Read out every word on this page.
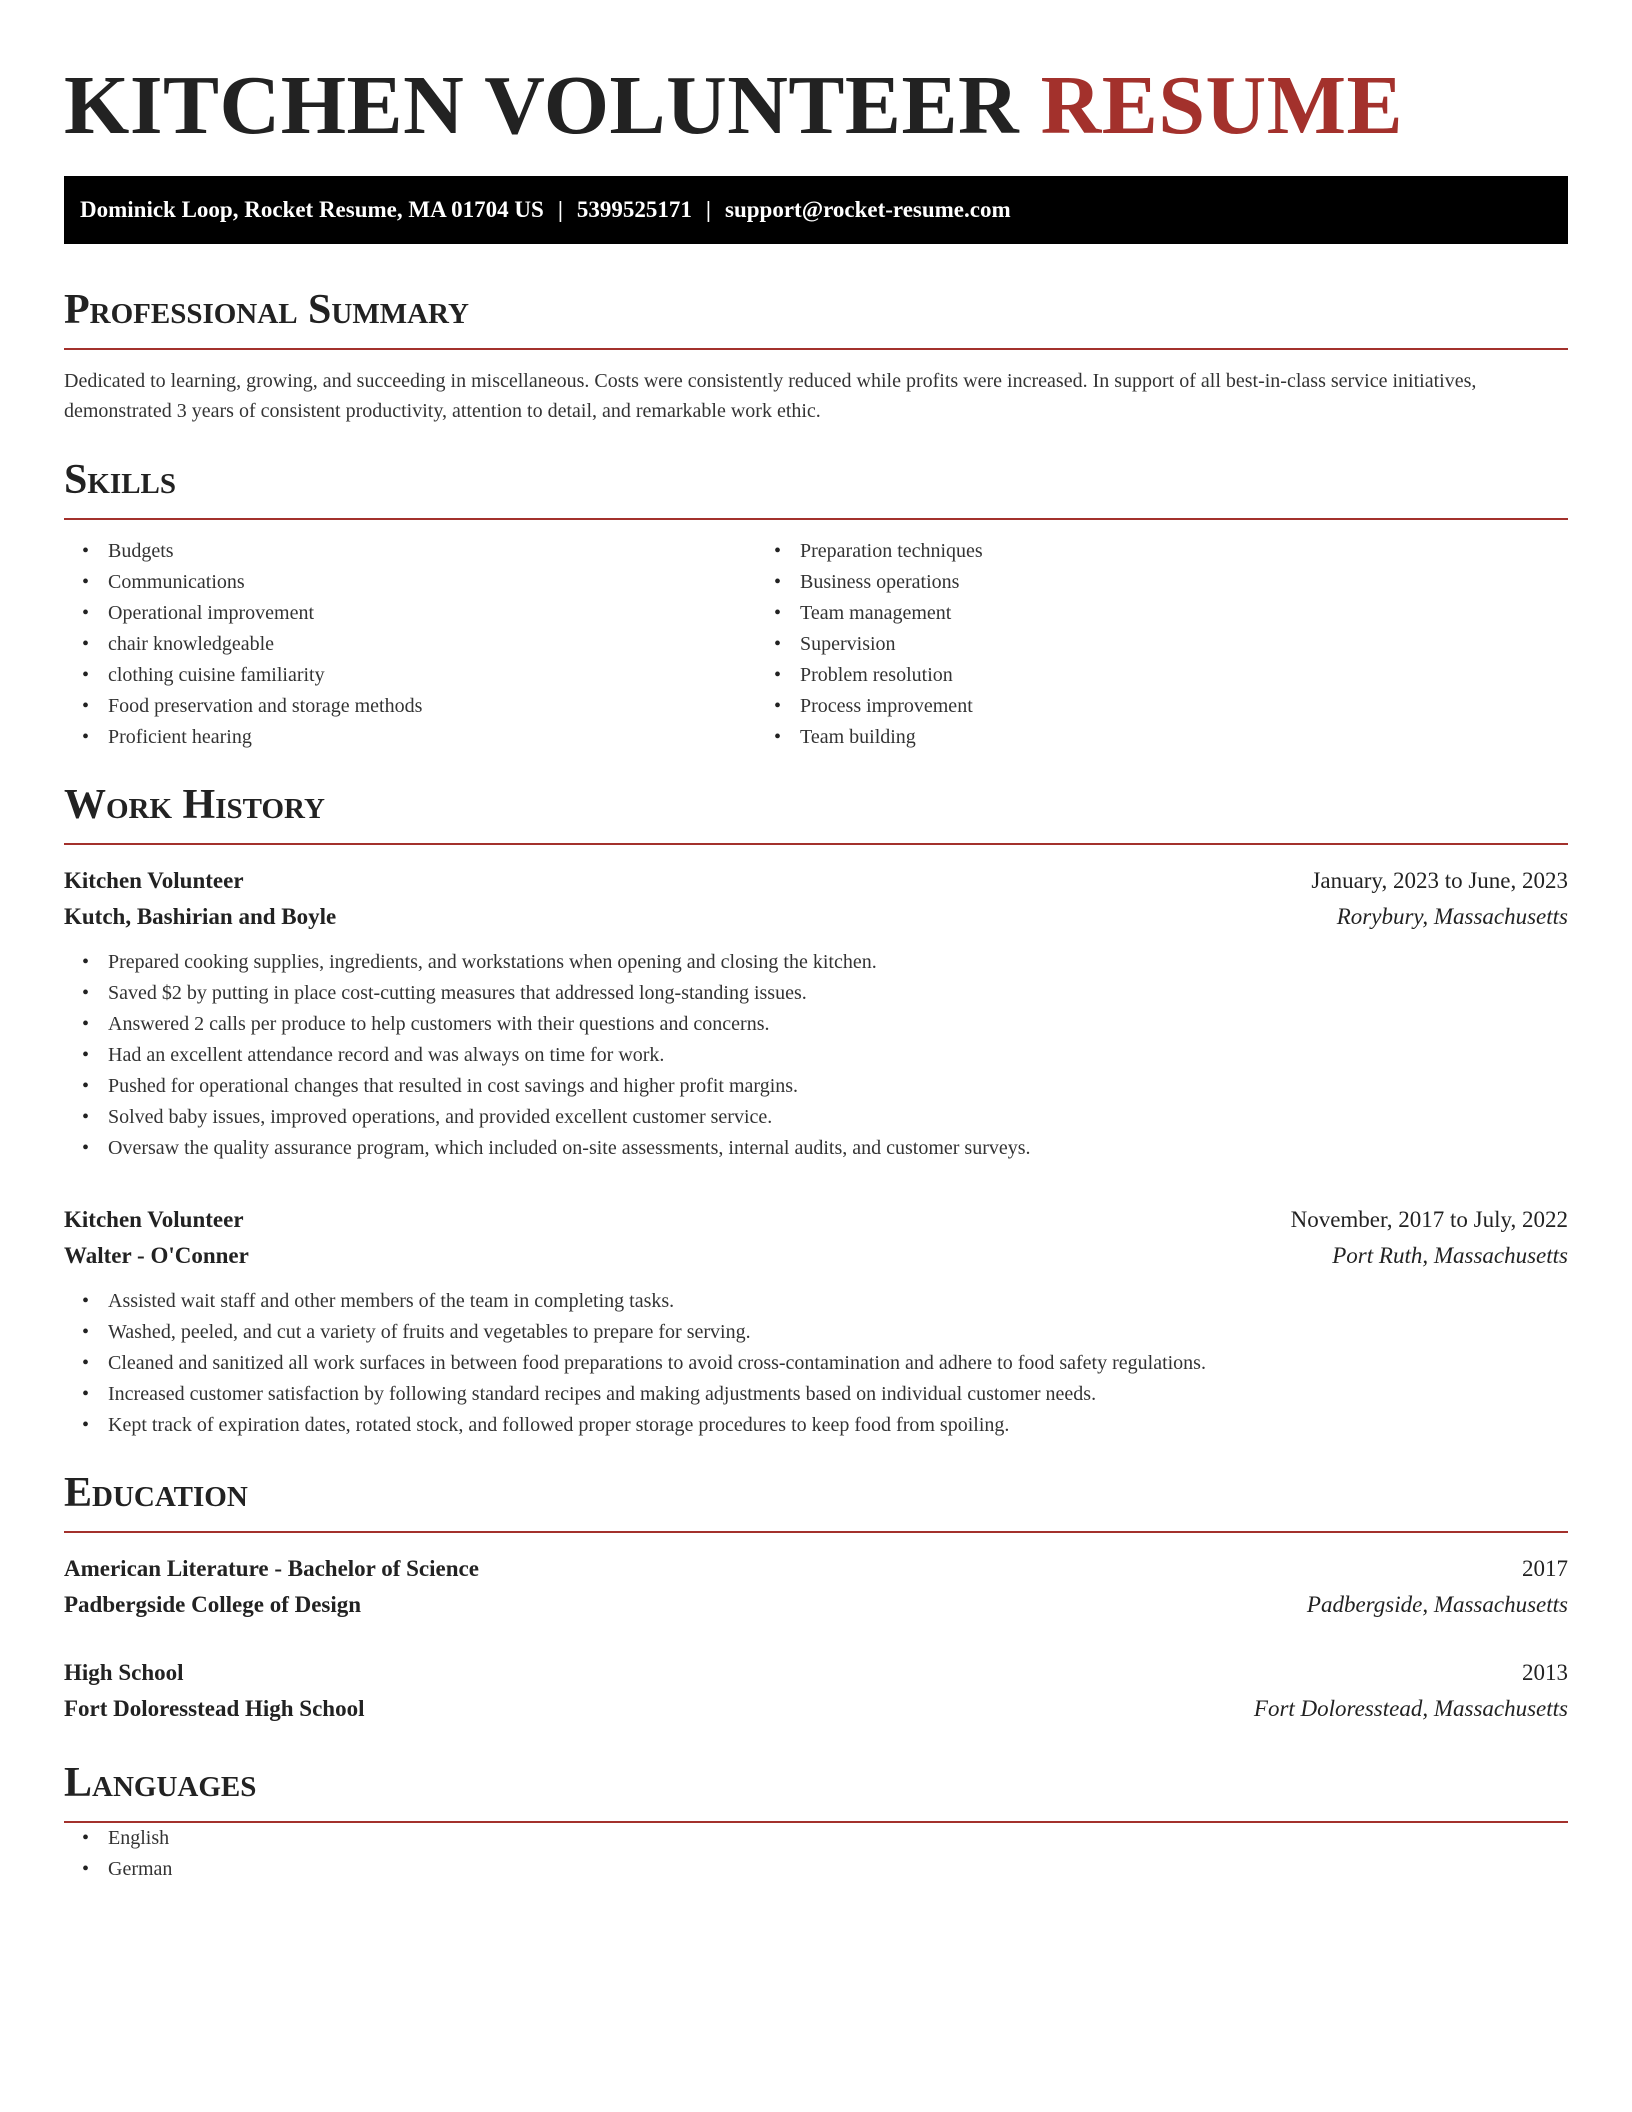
KITCHEN VOLUNTEER RESUME
Dominick Loop, Rocket Resume, MA 01704 US | 5399525171 | support@rocket-resume.com
Professional Summary
Dedicated to learning, growing, and succeeding in miscellaneous. Costs were consistently reduced while profits were increased. In support of all best-in-class service initiatives, demonstrated 3 years of consistent productivity, attention to detail, and remarkable work ethic.
Skills
• Budgets
• Communications
• Operational improvement
• chair knowledgeable
• clothing cuisine familiarity
• Food preservation and storage methods
• Proficient hearing
• Preparation techniques
• Business operations
• Team management
• Supervision
• Problem resolution
• Process improvement
• Team building
Work History
Kitchen Volunteer	January, 2023 to June, 2023
Kutch, Bashirian and Boyle	Rorybury, Massachusetts
• Prepared cooking supplies, ingredients, and workstations when opening and closing the kitchen.
• Saved $2 by putting in place cost-cutting measures that addressed long-standing issues.
• Answered 2 calls per produce to help customers with their questions and concerns.
• Had an excellent attendance record and was always on time for work.
• Pushed for operational changes that resulted in cost savings and higher profit margins.
• Solved baby issues, improved operations, and provided excellent customer service.
• Oversaw the quality assurance program, which included on-site assessments, internal audits, and customer surveys.
Kitchen Volunteer	November, 2017 to July, 2022
Walter - O'Conner	Port Ruth, Massachusetts
• Assisted wait staff and other members of the team in completing tasks.
• Washed, peeled, and cut a variety of fruits and vegetables to prepare for serving.
• Cleaned and sanitized all work surfaces in between food preparations to avoid cross-contamination and adhere to food safety regulations.
• Increased customer satisfaction by following standard recipes and making adjustments based on individual customer needs.
• Kept track of expiration dates, rotated stock, and followed proper storage procedures to keep food from spoiling.
Education
American Literature - Bachelor of Science	2017
Padbergside College of Design	Padbergside, Massachusetts
High School	2013
Fort Doloresstead High School	Fort Doloresstead, Massachusetts
Languages
• English
• German
